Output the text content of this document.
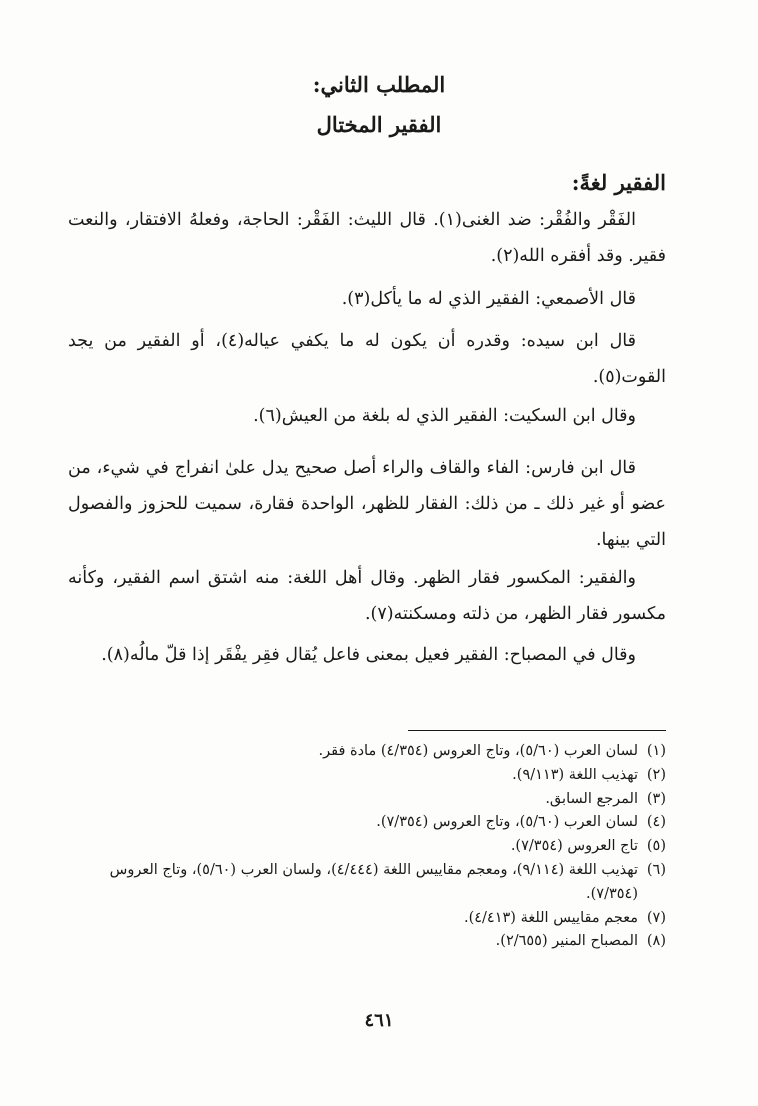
المطلب الثاني:
الفقير المختال
الفقير لغةً:
الفَقْر والفُقْر: ضد الغنى(١). قال الليث: الفَقْر: الحاجة، وفعلهُ الافتقار، والنعت فقير. وقد أفقره الله(٢).
قال الأصمعي: الفقير الذي له ما يأكل(٣).
قال ابن سيده: وقدره أن يكون له ما يكفي عياله(٤)، أو الفقير من يجد القوت(٥).
وقال ابن السكيت: الفقير الذي له بلغة من العيش(٦).
قال ابن فارس: الفاء والقاف والراء أصل صحيح يدل علىٰ انفراج في شيء، من عضو أو غير ذلك ـ من ذلك: الفقار للظهر، الواحدة فقارة، سميت للحزوز والفصول التي بينها.
والفقير: المكسور فقار الظهر. وقال أهل اللغة: منه اشتق اسم الفقير، وكأنه مكسور فقار الظهر، من ذلته ومسكنته(٧).
وقال في المصباح: الفقير فعيل بمعنى فاعل يُقال فقِر يفْقَر إذا قلّ مالُه(٨).
(١)
لسان العرب (٥/٦٠)، وتاج العروس (٤/٣٥٤) مادة فقر.
(٢)
تهذيب اللغة (٩/١١٣).
(٣)
المرجع السابق.
(٤)
لسان العرب (٥/٦٠)، وتاج العروس (٧/٣٥٤).
(٥)
تاج العروس (٧/٣٥٤).
(٦)
تهذيب اللغة (٩/١١٤)، ومعجم مقاييس اللغة (٤/٤٤٤)، ولسان العرب (٥/٦٠)، وتاج العروس (٧/٣٥٤).
(٧)
معجم مقاييس اللغة (٤/٤١٣).
(٨)
المصباح المنير (٢/٦٥٥).
٤٦١
